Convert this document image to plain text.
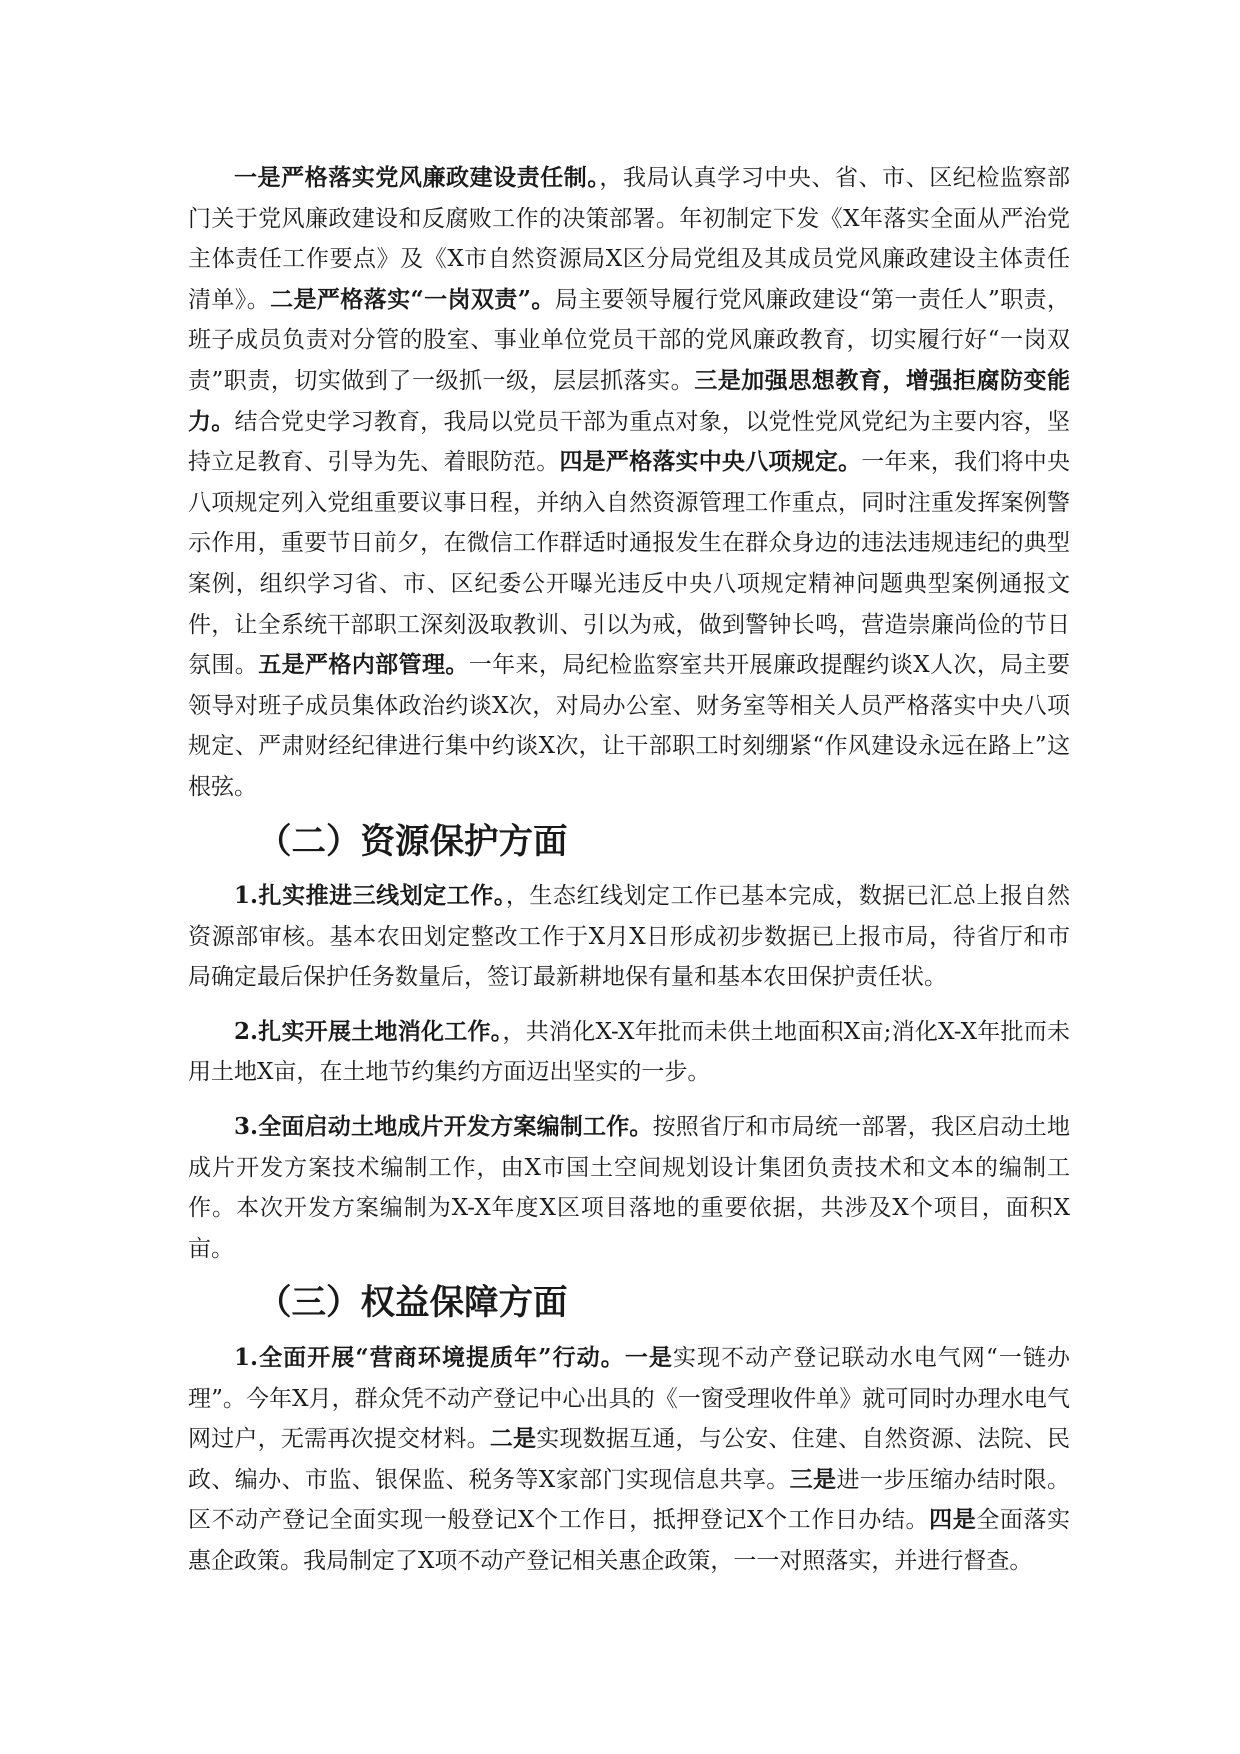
一是严格落实党风廉政建设责任制。，我局认真学习中央、省、市、区纪检监察部门关于党风廉政建设和反腐败工作的决策部署。年初制定下发《X年落实全面从严治党主体责任工作要点》及《X市自然资源局X区分局党组及其成员党风廉政建设主体责任清单》。二是严格落实“一岗双责”。局主要领导履行党风廉政建设“第一责任人”职责，班子成员负责对分管的股室、事业单位党员干部的党风廉政教育，切实履行好“一岗双责”职责，切实做到了一级抓一级，层层抓落实。三是加强思想教育，增强拒腐防变能力。结合党史学习教育，我局以党员干部为重点对象，以党性党风党纪为主要内容，坚持立足教育、引导为先、着眼防范。四是严格落实中央八项规定。一年来，我们将中央八项规定列入党组重要议事日程，并纳入自然资源管理工作重点，同时注重发挥案例警示作用，重要节日前夕，在微信工作群适时通报发生在群众身边的违法违规违纪的典型案例，组织学习省、市、区纪委公开曝光违反中央八项规定精神问题典型案例通报文件，让全系统干部职工深刻汲取教训、引以为戒，做到警钟长鸣，营造崇廉尚俭的节日氛围。五是严格内部管理。一年来，局纪检监察室共开展廉政提醒约谈X人次，局主要领导对班子成员集体政治约谈X次，对局办公室、财务室等相关人员严格落实中央八项规定、严肃财经纪律进行集中约谈X次，让干部职工时刻绷紧“作风建设永远在路上”这根弦。

（二）资源保护方面

1.扎实推进三线划定工作。，生态红线划定工作已基本完成，数据已汇总上报自然资源部审核。基本农田划定整改工作于X月X日形成初步数据已上报市局，待省厅和市局确定最后保护任务数量后，签订最新耕地保有量和基本农田保护责任状。

2.扎实开展土地消化工作。，共消化X-X年批而未供土地面积X亩;消化X-X年批而未用土地X亩，在土地节约集约方面迈出坚实的一步。

3.全面启动土地成片开发方案编制工作。按照省厅和市局统一部署，我区启动土地成片开发方案技术编制工作，由X市国土空间规划设计集团负责技术和文本的编制工作。本次开发方案编制为X-X年度X区项目落地的重要依据，共涉及X个项目，面积X亩。

（三）权益保障方面

1.全面开展“营商环境提质年”行动。一是实现不动产登记联动水电气网“一链办理”。今年X月，群众凭不动产登记中心出具的《一窗受理收件单》就可同时办理水电气网过户，无需再次提交材料。二是实现数据互通，与公安、住建、自然资源、法院、民政、编办、市监、银保监、税务等X家部门实现信息共享。三是进一步压缩办结时限。区不动产登记全面实现一般登记X个工作日，抵押登记X个工作日办结。四是全面落实惠企政策。我局制定了X项不动产登记相关惠企政策，一一对照落实，并进行督查。
